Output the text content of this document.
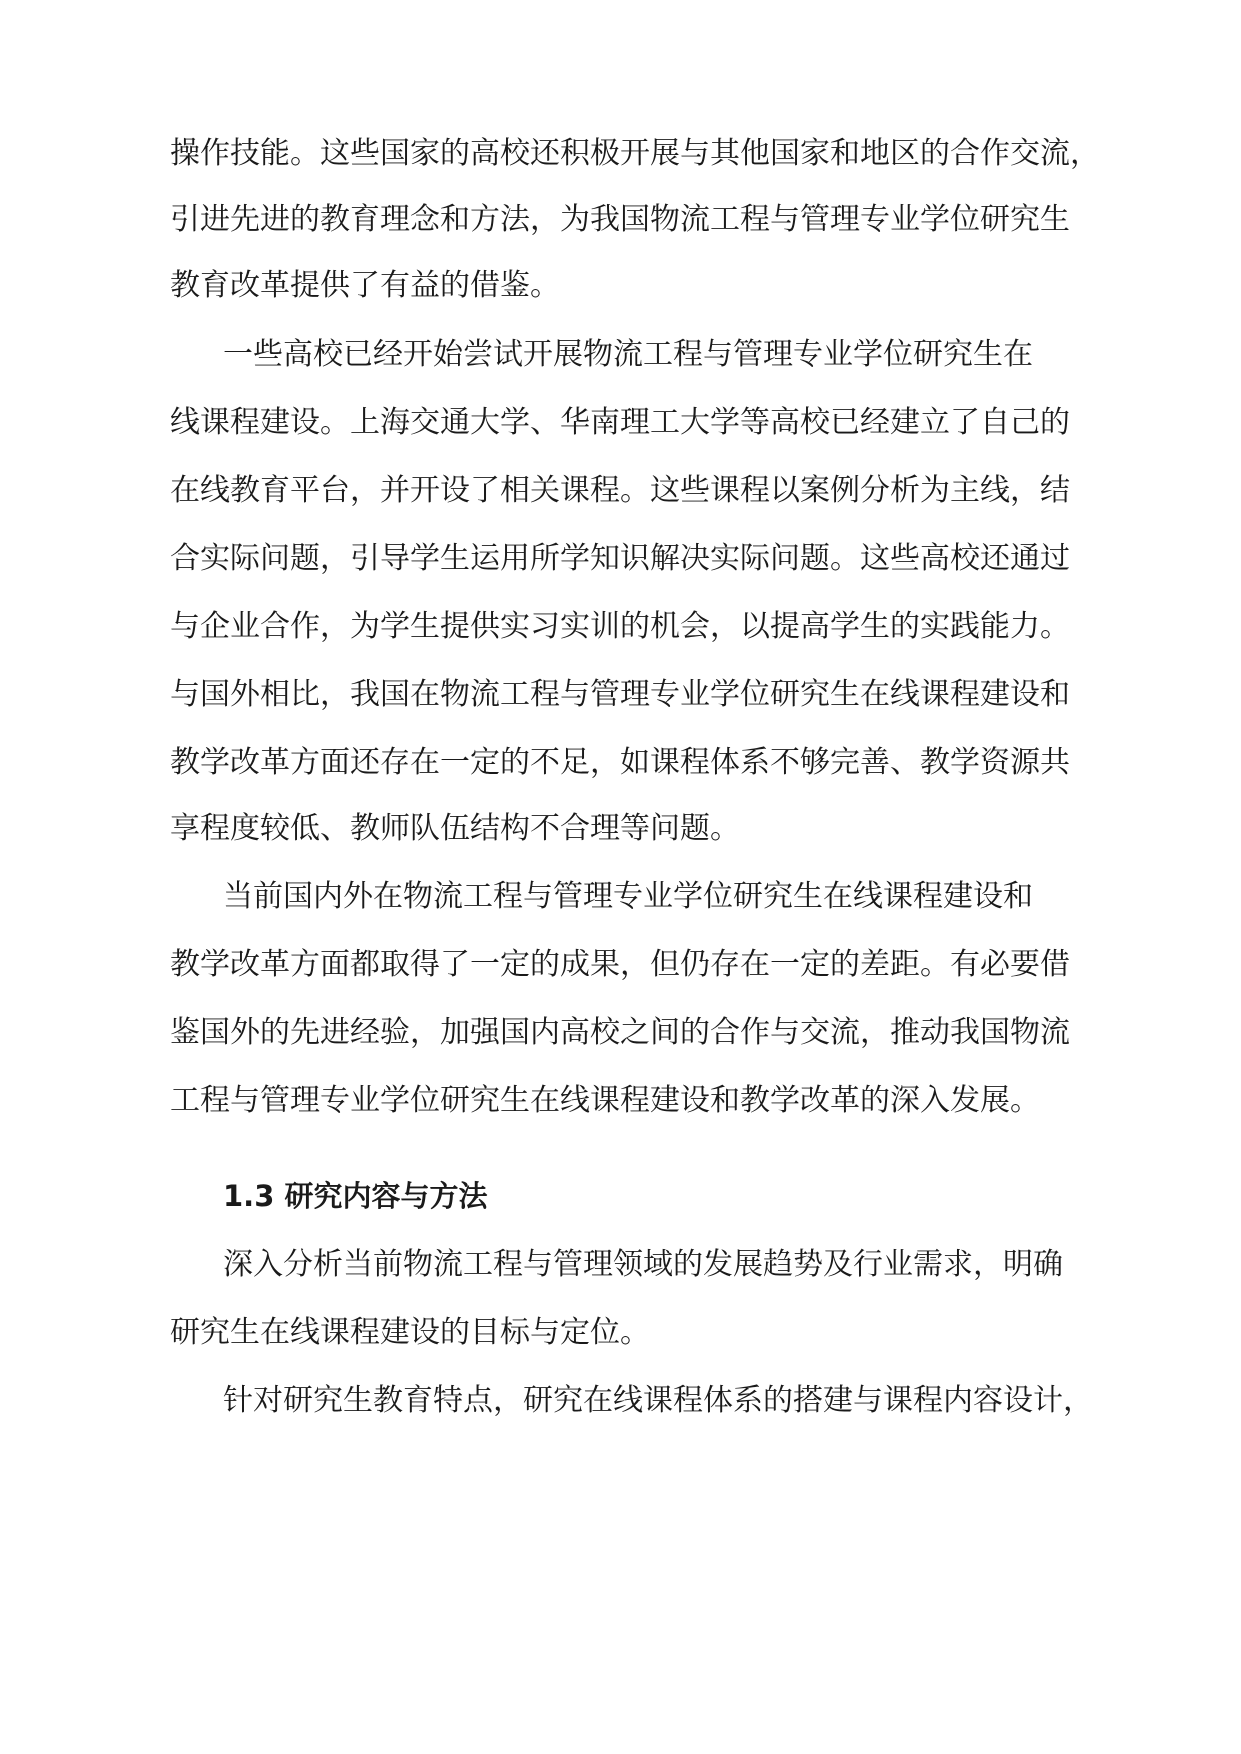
操作技能。这些国家的高校还积极开展与其他国家和地区的合作交流，
引进先进的教育理念和方法，为我国物流工程与管理专业学位研究生
教育改革提供了有益的借鉴。
一些高校已经开始尝试开展物流工程与管理专业学位研究生在
线课程建设。上海交通大学、华南理工大学等高校已经建立了自己的
在线教育平台，并开设了相关课程。这些课程以案例分析为主线，结
合实际问题，引导学生运用所学知识解决实际问题。这些高校还通过
与企业合作，为学生提供实习实训的机会，以提高学生的实践能力。
与国外相比，我国在物流工程与管理专业学位研究生在线课程建设和
教学改革方面还存在一定的不足，如课程体系不够完善、教学资源共
享程度较低、教师队伍结构不合理等问题。
当前国内外在物流工程与管理专业学位研究生在线课程建设和
教学改革方面都取得了一定的成果，但仍存在一定的差距。有必要借
鉴国外的先进经验，加强国内高校之间的合作与交流，推动我国物流
工程与管理专业学位研究生在线课程建设和教学改革的深入发展。
1.3 研究内容与方法
深入分析当前物流工程与管理领域的发展趋势及行业需求，明确
研究生在线课程建设的目标与定位。
针对研究生教育特点，研究在线课程体系的搭建与课程内容设计，
